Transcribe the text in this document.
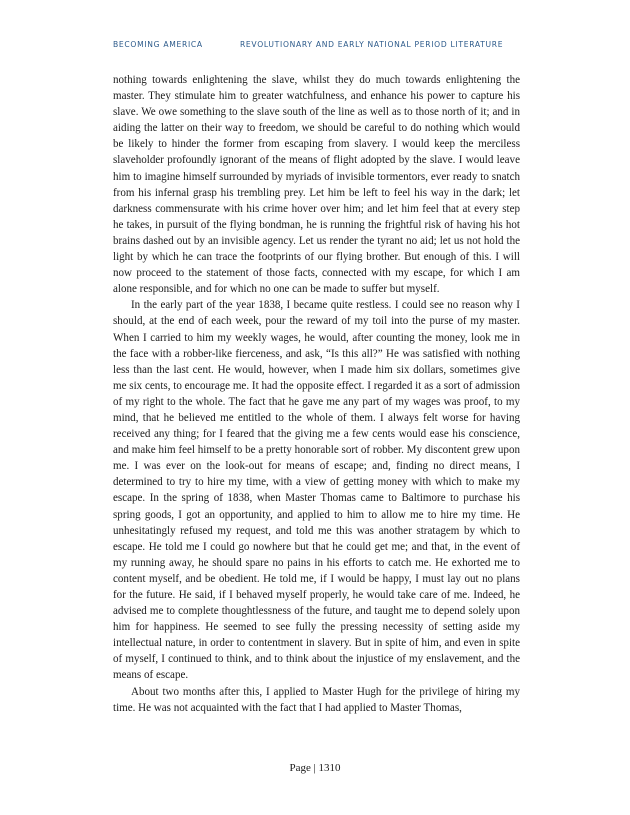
BECOMING AMERICA	REVOLUTIONARY AND EARLY NATIONAL PERIOD LITERATURE

nothing towards enlightening the slave, whilst they do much towards enlightening the master. They stimulate him to greater watchfulness, and enhance his power to capture his slave. We owe something to the slave south of the line as well as to those north of it; and in aiding the latter on their way to freedom, we should be careful to do nothing which would be likely to hinder the former from escaping from slavery. I would keep the merciless slaveholder profoundly ignorant of the means of flight adopted by the slave. I would leave him to imagine himself surrounded by myriads of invisible tormentors, ever ready to snatch from his infernal grasp his trembling prey. Let him be left to feel his way in the dark; let darkness commensurate with his crime hover over him; and let him feel that at every step he takes, in pursuit of the flying bondman, he is running the frightful risk of having his hot brains dashed out by an invisible agency. Let us render the tyrant no aid; let us not hold the light by which he can trace the footprints of our flying brother. But enough of this. I will now proceed to the statement of those facts, connected with my escape, for which I am alone responsible, and for which no one can be made to suffer but myself.

In the early part of the year 1838, I became quite restless. I could see no reason why I should, at the end of each week, pour the reward of my toil into the purse of my master. When I carried to him my weekly wages, he would, after counting the money, look me in the face with a robber-like fierceness, and ask, “Is this all?” He was satisfied with nothing less than the last cent. He would, however, when I made him six dollars, sometimes give me six cents, to encourage me. It had the opposite effect. I regarded it as a sort of admission of my right to the whole. The fact that he gave me any part of my wages was proof, to my mind, that he believed me entitled to the whole of them. I always felt worse for having received any thing; for I feared that the giving me a few cents would ease his conscience, and make him feel himself to be a pretty honorable sort of robber. My discontent grew upon me. I was ever on the look-out for means of escape; and, finding no direct means, I determined to try to hire my time, with a view of getting money with which to make my escape. In the spring of 1838, when Master Thomas came to Baltimore to purchase his spring goods, I got an opportunity, and applied to him to allow me to hire my time. He unhesitatingly refused my request, and told me this was another stratagem by which to escape. He told me I could go nowhere but that he could get me; and that, in the event of my running away, he should spare no pains in his efforts to catch me. He exhorted me to content myself, and be obedient. He told me, if I would be happy, I must lay out no plans for the future. He said, if I behaved myself properly, he would take care of me. Indeed, he advised me to complete thoughtlessness of the future, and taught me to depend solely upon him for happiness. He seemed to see fully the pressing necessity of setting aside my intellectual nature, in order to contentment in slavery. But in spite of him, and even in spite of myself, I continued to think, and to think about the injustice of my enslavement, and the means of escape.

About two months after this, I applied to Master Hugh for the privilege of hiring my time. He was not acquainted with the fact that I had applied to Master Thomas,

Page | 1310
